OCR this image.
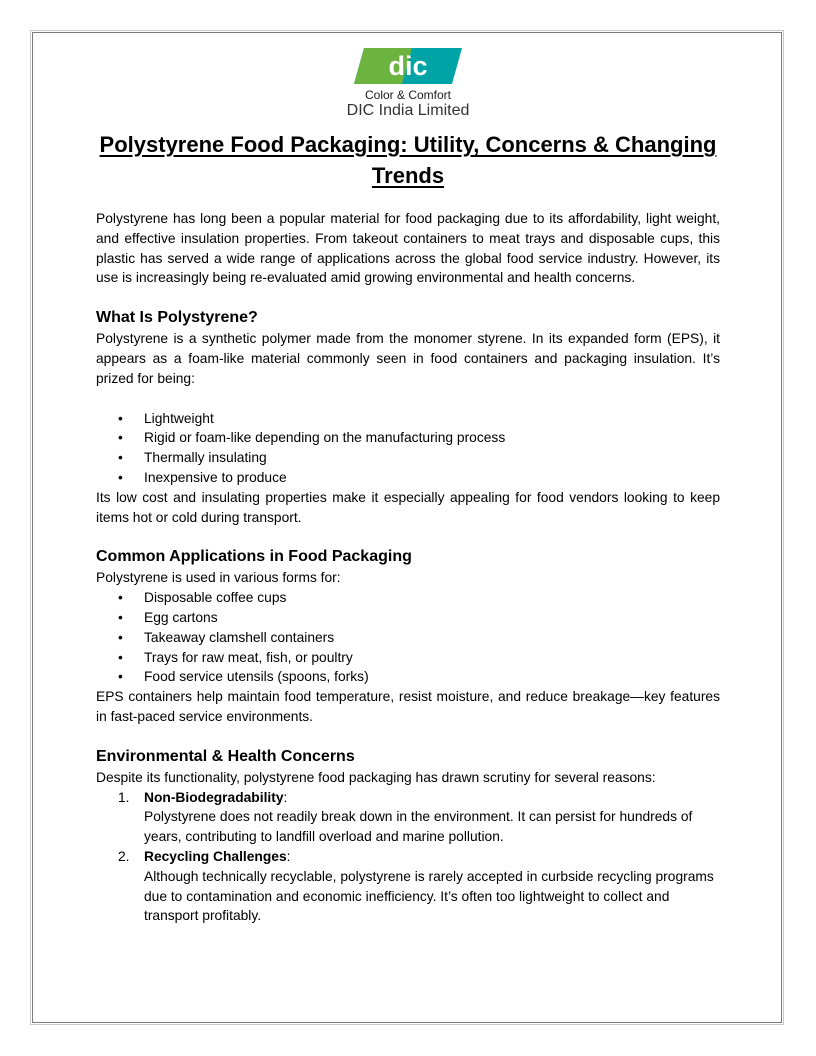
dic
Color & Comfort
DIC India Limited
Polystyrene Food Packaging: Utility, Concerns & Changing Trends

Polystyrene has long been a popular material for food packaging due to its affordability, light weight, and effective insulation properties. From takeout containers to meat trays and disposable cups, this plastic has served a wide range of applications across the global food service industry. However, its use is increasingly being re-evaluated amid growing environmental and health concerns.

What Is Polystyrene?

Polystyrene is a synthetic polymer made from the monomer styrene. In its expanded form (EPS), it appears as a foam-like material commonly seen in food containers and packaging insulation. It’s prized for being:

• Lightweight
• Rigid or foam-like depending on the manufacturing process
• Thermally insulating
• Inexpensive to produce

Its low cost and insulating properties make it especially appealing for food vendors looking to keep items hot or cold during transport.

Common Applications in Food Packaging

Polystyrene is used in various forms for:

• Disposable coffee cups
• Egg cartons
• Takeaway clamshell containers
• Trays for raw meat, fish, or poultry
• Food service utensils (spoons, forks)

EPS containers help maintain food temperature, resist moisture, and reduce breakage—key features in fast-paced service environments.

Environmental & Health Concerns

Despite its functionality, polystyrene food packaging has drawn scrutiny for several reasons:

1. Non-Biodegradability:
Polystyrene does not readily break down in the environment. It can persist for hundreds of years, contributing to landfill overload and marine pollution.
2. Recycling Challenges:
Although technically recyclable, polystyrene is rarely accepted in curbside recycling programs due to contamination and economic inefficiency. It’s often too lightweight to collect and transport profitably.
